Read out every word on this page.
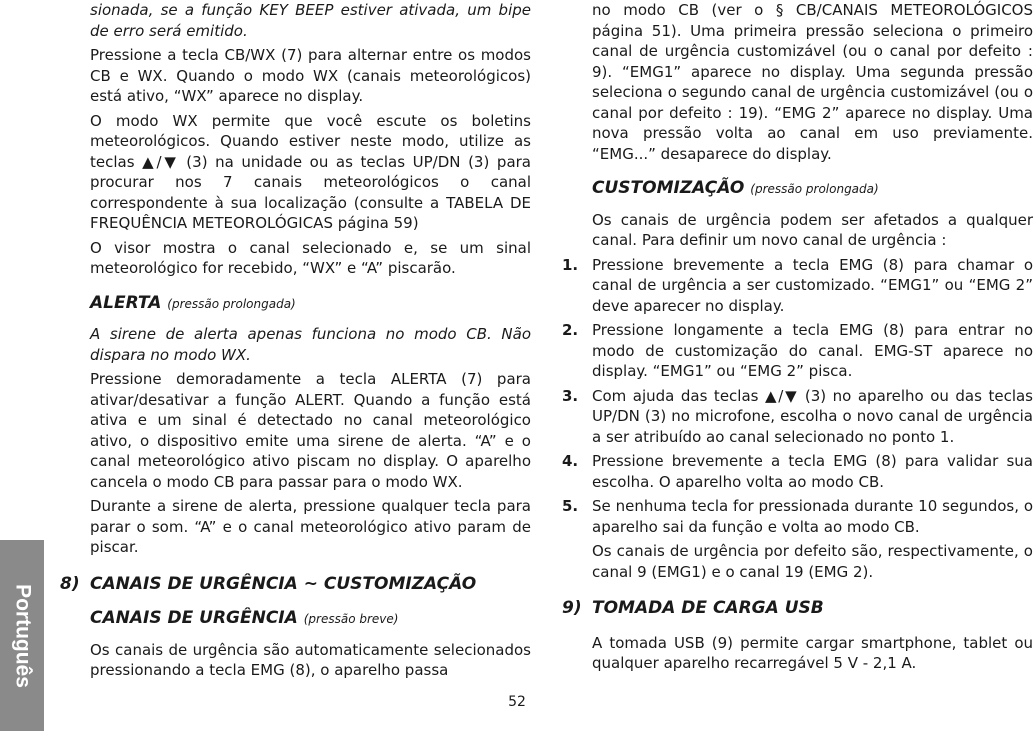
Português

sionada, se a função KEY BEEP estiver ativada, um bipe de erro será emitido.

Pressione a tecla CB/WX (7) para alternar entre os modos CB e WX. Quando o modo WX (canais meteorológicos) está ativo, “WX” aparece no display.

O modo WX permite que você escute os boletins meteorológicos. Quando estiver neste modo, utilize as teclas ▲/▼ (3) na unidade ou as teclas UP/DN (3) para procurar nos 7 canais meteorológicos o canal correspondente à sua localização (consulte a TABELA DE FREQUÊNCIA METEOROLÓGICAS página 59)

O visor mostra o canal selecionado e, se um sinal meteorológico for recebido, “WX” e “A” piscarão.

ALERTA (pressão prolongada)

A sirene de alerta apenas funciona no modo CB. Não dispara no modo WX.

Pressione demoradamente a tecla ALERTA (7) para ativar/desativar a função ALERT. Quando a função está ativa e um sinal é detectado no canal meteorológico ativo, o dispositivo emite uma sirene de alerta. “A” e o canal meteorológico ativo piscam no display. O aparelho cancela o modo CB para passar para o modo WX.

Durante a sirene de alerta, pressione qualquer tecla para parar o som. “A” e o canal meteorológico ativo param de piscar.

8) CANAIS DE URGÊNCIA ~ CUSTOMIZAÇÃO
CANAIS DE URGÊNCIA (pressão breve)

Os canais de urgência são automaticamente selecionados pressionando a tecla EMG (8), o aparelho passa

no modo CB (ver o § CB/CANAIS METEOROLÓGICOS página 51). Uma primeira pressão seleciona o primeiro canal de urgência customizável (ou o canal por defeito : 9). “EMG1” aparece no display. Uma segunda pressão seleciona o segundo canal de urgência customizável (ou o canal por defeito : 19). “EMG 2” aparece no display. Uma nova pressão volta ao canal em uso previamente. “EMG...” desaparece do display.

CUSTOMIZAÇÃO (pressão prolongada)

Os canais de urgência podem ser afetados a qualquer canal. Para definir um novo canal de urgência :

1. Pressione brevemente a tecla EMG (8) para chamar o canal de urgência a ser customizado. “EMG1” ou “EMG 2” deve aparecer no display.

2. Pressione longamente a tecla EMG (8) para entrar no modo de customização do canal. EMG-ST aparece no display. “EMG1” ou “EMG 2” pisca.

3. Com ajuda das teclas ▲/▼ (3) no aparelho ou das teclas UP/DN (3) no microfone, escolha o novo canal de urgência a ser atribuído ao canal selecionado no ponto 1.

4. Pressione brevemente a tecla EMG (8) para validar sua escolha. O aparelho volta ao modo CB.

5. Se nenhuma tecla for pressionada durante 10 segundos, o aparelho sai da função e volta ao modo CB.

Os canais de urgência por defeito são, respectivamente, o canal 9 (EMG1) e o canal 19 (EMG 2).

9) TOMADA DE CARGA USB

A tomada USB (9) permite cargar smartphone, tablet ou qualquer aparelho recarregável 5 V - 2,1 A.

52
